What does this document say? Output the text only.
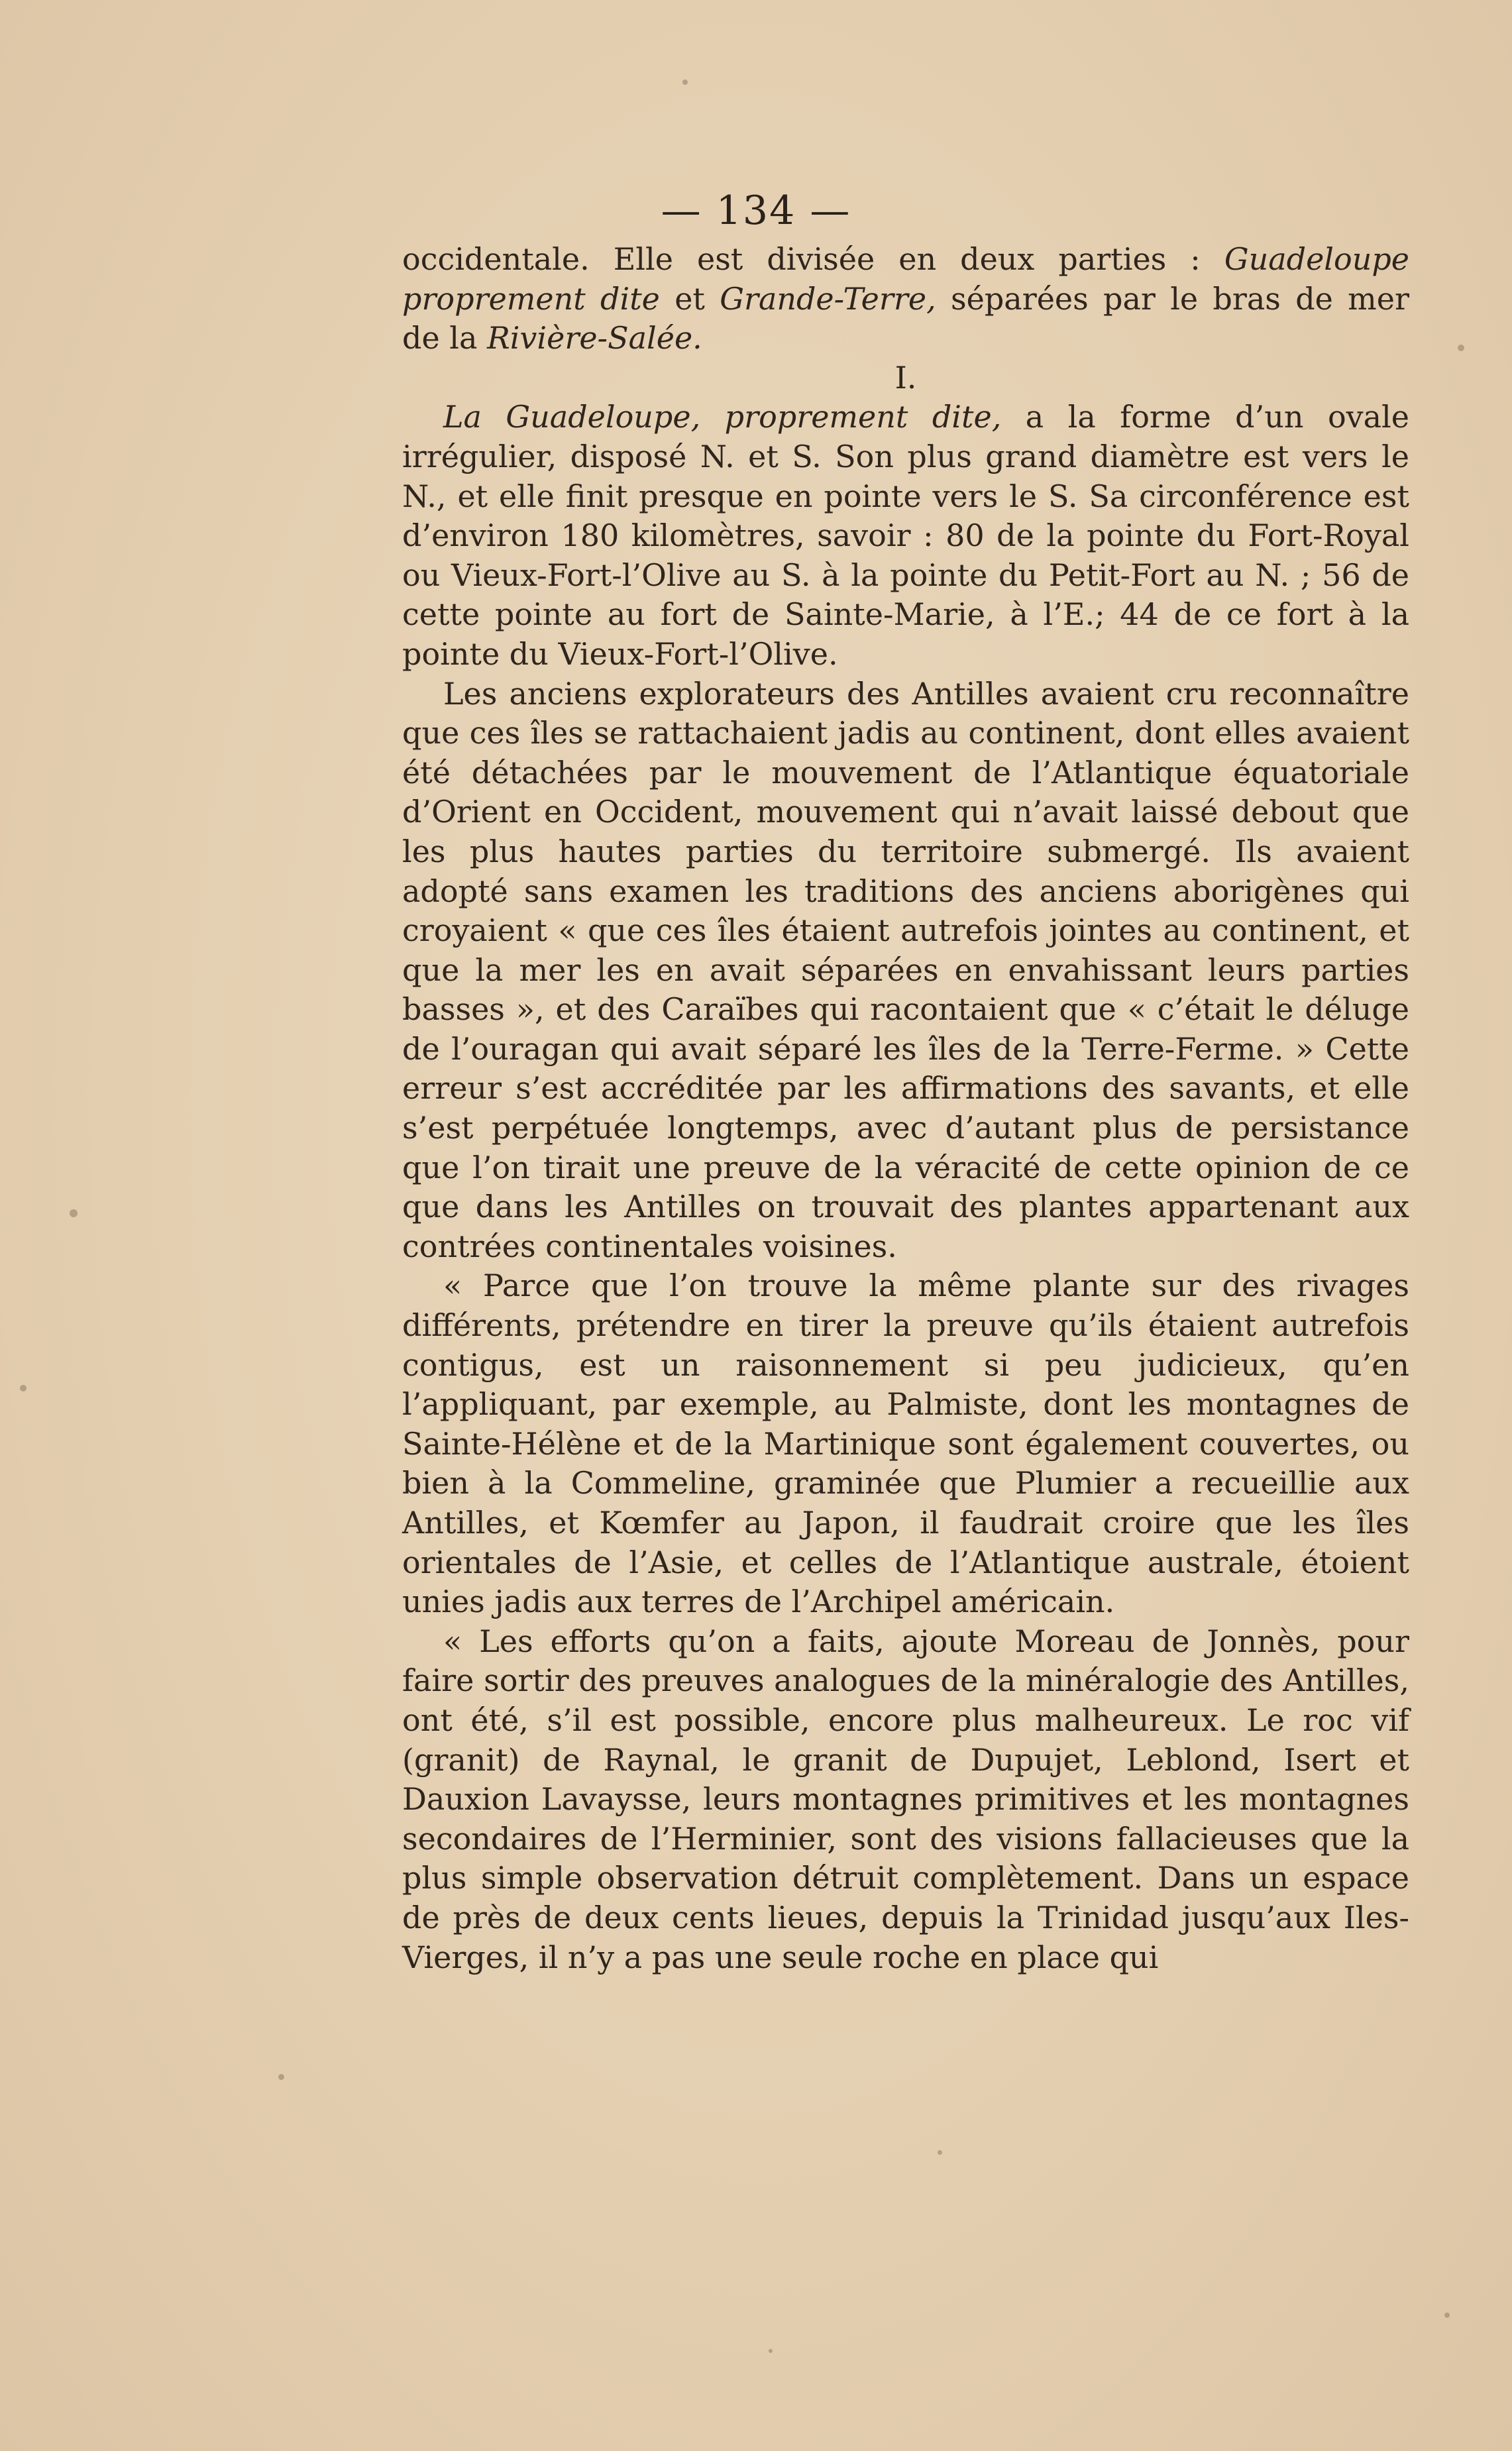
— 134 —

occidentale. Elle est divisée en deux parties : Guadeloupe proprement dite et Grande-Terre, séparées par le bras de mer de la Rivière-Salée.

I.

La Guadeloupe, proprement dite, a la forme d’un ovale irrégulier, disposé N. et S. Son plus grand diamètre est vers le N., et elle finit presque en pointe vers le S. Sa circonférence est d’environ 180 kilomètres, savoir : 80 de la pointe du Fort-Royal ou Vieux-Fort-l’Olive au S. à la pointe du Petit-Fort au N. ; 56 de cette pointe au fort de Sainte-Marie, à l’E.; 44 de ce fort à la pointe du Vieux-Fort-l’Olive.

Les anciens explorateurs des Antilles avaient cru reconnaître que ces îles se rattachaient jadis au continent, dont elles avaient été détachées par le mouvement de l’Atlantique équatoriale d’Orient en Occident, mouvement qui n’avait laissé debout que les plus hautes parties du territoire submergé. Ils avaient adopté sans examen les traditions des anciens aborigènes qui croyaient « que ces îles étaient autrefois jointes au continent, et que la mer les en avait séparées en envahissant leurs parties basses », et des Caraïbes qui racontaient que « c’était le déluge de l’ouragan qui avait séparé les îles de la Terre-Ferme. » Cette erreur s’est accréditée par les affirmations des savants, et elle s’est perpétuée longtemps, avec d’autant plus de persistance que l’on tirait une preuve de la véracité de cette opinion de ce que dans les Antilles on trouvait des plantes appartenant aux contrées continentales voisines.

« Parce que l’on trouve la même plante sur des rivages différents, prétendre en tirer la preuve qu’ils étaient autrefois contigus, est un raisonnement si peu judicieux, qu’en l’appliquant, par exemple, au Palmiste, dont les montagnes de Sainte-Hélène et de la Martinique sont également couvertes, ou bien à la Commeline, graminée que Plumier a recueillie aux Antilles, et Kœmfer au Japon, il faudrait croire que les îles orientales de l’Asie, et celles de l’Atlantique australe, étoient unies jadis aux terres de l’Archipel américain.

« Les efforts qu’on a faits, ajoute Moreau de Jonnès, pour faire sortir des preuves analogues de la minéralogie des Antilles, ont été, s’il est possible, encore plus malheureux. Le roc vif (granit) de Raynal, le granit de Dupujet, Leblond, Isert et Dauxion Lavaysse, leurs montagnes primitives et les montagnes secondaires de l’Herminier, sont des visions fallacieuses que la plus simple observation détruit complètement. Dans un espace de près de deux cents lieues, depuis la Trinidad jusqu’aux Iles-Vierges, il n’y a pas une seule roche en place qui
